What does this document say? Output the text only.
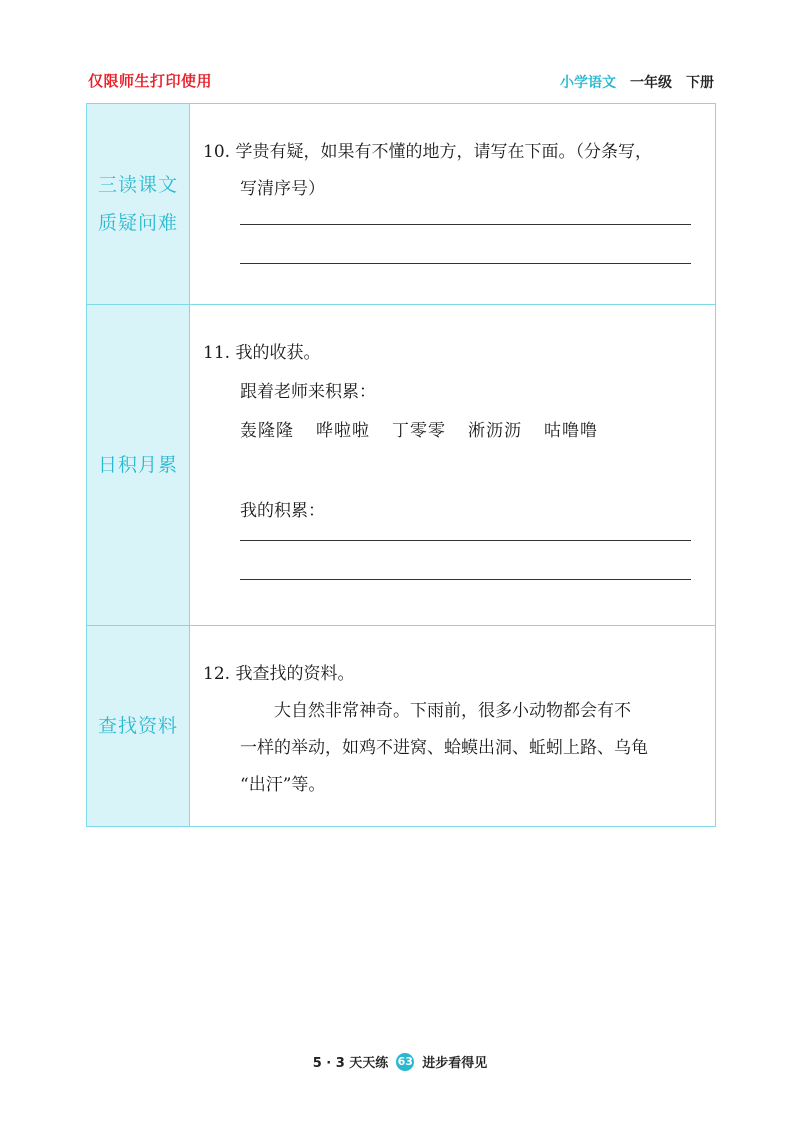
仅限师生打印使用	小学语文 一年级 下册
三读课文
质疑问难
10. 学贵有疑，如果有不懂的地方，请写在下面。（分条写，
写清序号）
日积月累
11. 我的收获。
跟着老师来积累：
轰隆隆 哗啦啦 丁零零 淅沥沥 咕噜噜
我的积累：
查找资料
12. 我查找的资料。
大自然非常神奇。下雨前，很多小动物都会有不
一样的举动，如鸡不进窝、蛤蟆出洞、蚯蚓上路、乌龟
“出汗”等。
5 · 3 天天练 63 进步看得见
